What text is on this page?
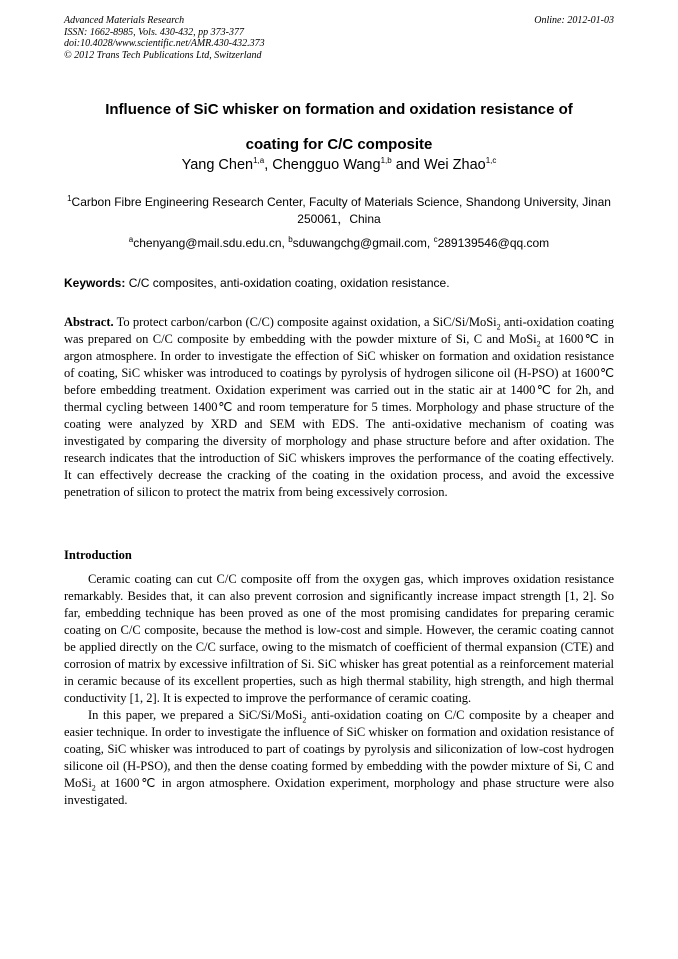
Advanced Materials Research
ISSN: 1662-8985, Vols. 430-432, pp 373-377
doi:10.4028/www.scientific.net/AMR.430-432.373
© 2012 Trans Tech Publications Ltd, Switzerland
Online: 2012-01-03
Influence of SiC whisker on formation and oxidation resistance of
coating for C/C composite
Yang Chen$^{1,a}$, Chengguo Wang$^{1,b}$ and Wei Zhao$^{1,c}$
$^1$Carbon Fibre Engineering Research Center, Faculty of Materials Science, Shandong University, Jinan 250061，China
$^a$chenyang@mail.sdu.edu.cn, $^b$sduwangchg@gmail.com, $^c$289139546@qq.com
Keywords: C/C composites, anti-oxidation coating, oxidation resistance.
Abstract. To protect carbon/carbon (C/C) composite against oxidation, a SiC/Si/MoSi$_2$ anti-oxidation coating was prepared on C/C composite by embedding with the powder mixture of Si, C and MoSi$_2$ at 1600℃ in argon atmosphere. In order to investigate the effection of SiC whisker on formation and oxidation resistance of coating, SiC whisker was introduced to coatings by pyrolysis of hydrogen silicone oil (H-PSO) at 1600℃ before embedding treatment. Oxidation experiment was carried out in the static air at 1400℃ for 2h, and thermal cycling between 1400℃ and room temperature for 5 times. Morphology and phase structure of the coating were analyzed by XRD and SEM with EDS. The anti-oxidative mechanism of coating was investigated by comparing the diversity of morphology and phase structure before and after oxidation. The research indicates that the introduction of SiC whiskers improves the performance of the coating effectively. It can effectively decrease the cracking of the coating in the oxidation process, and avoid the excessive penetration of silicon to protect the matrix from being excessively corrosion.
Introduction

Ceramic coating can cut C/C composite off from the oxygen gas, which improves oxidation resistance remarkably. Besides that, it can also prevent corrosion and significantly increase impact strength [1, 2]. So far, embedding technique has been proved as one of the most promising candidates for preparing ceramic coating on C/C composite, because the method is low-cost and simple. However, the ceramic coating cannot be applied directly on the C/C surface, owing to the mismatch of coefficient of thermal expansion (CTE) and corrosion of matrix by excessive infiltration of Si. SiC whisker has great potential as a reinforcement material in ceramic because of its excellent properties, such as high thermal stability, high strength, and high thermal conductivity [1, 2]. It is expected to improve the performance of ceramic coating.

In this paper, we prepared a SiC/Si/MoSi$_2$ anti-oxidation coating on C/C composite by a cheaper and easier technique. In order to investigate the influence of SiC whisker on formation and oxidation resistance of coating, SiC whisker was introduced to part of coatings by pyrolysis and siliconization of low-cost hydrogen silicone oil (H-PSO), and then the dense coating formed by embedding with the powder mixture of Si, C and MoSi$_2$ at 1600℃ in argon atmosphere. Oxidation experiment, morphology and phase structure were also investigated.
